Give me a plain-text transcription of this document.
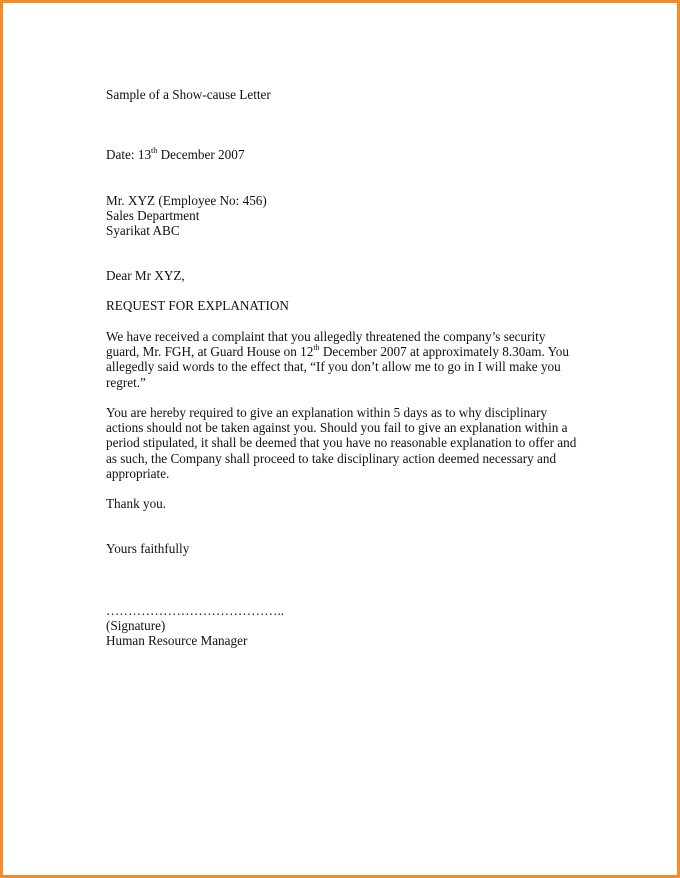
Sample of a Show-cause Letter
Date: 13th December 2007
Mr. XYZ (Employee No: 456)
Sales Department
Syarikat ABC
Dear Mr XYZ,
REQUEST FOR EXPLANATION
We have received a complaint that you allegedly threatened the company’s security
guard, Mr. FGH, at Guard House on 12th December 2007 at approximately 8.30am. You
allegedly said words to the effect that, “If you don’t allow me to go in I will make you
regret.”
You are hereby required to give an explanation within 5 days as to why disciplinary
actions should not be taken against you. Should you fail to give an explanation within a
period stipulated, it shall be deemed that you have no reasonable explanation to offer and
as such, the Company shall proceed to take disciplinary action deemed necessary and
appropriate.
Thank you.
Yours faithfully
…………………………………..
(Signature)
Human Resource Manager
